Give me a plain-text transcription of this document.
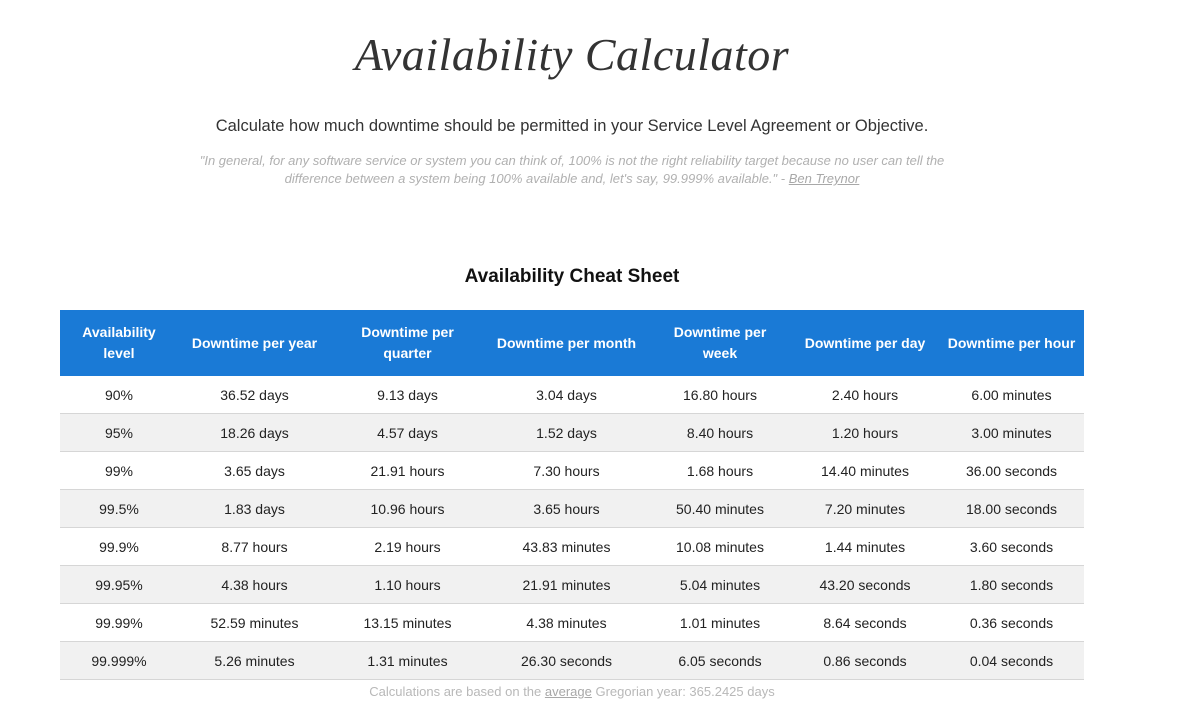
Availability Calculator

Calculate how much downtime should be permitted in your Service Level Agreement or Objective.

"In general, for any software service or system you can think of, 100% is not the right reliability target because no user can tell the difference between a system being 100% available and, let's say, 99.999% available." - Ben Treynor

Availability Cheat Sheet
Availability level	Downtime per year	Downtime per quarter	Downtime per month	Downtime per week	Downtime per day	Downtime per hour
90%	36.52 days	9.13 days	3.04 days	16.80 hours	2.40 hours	6.00 minutes
95%	18.26 days	4.57 days	1.52 days	8.40 hours	1.20 hours	3.00 minutes
99%	3.65 days	21.91 hours	7.30 hours	1.68 hours	14.40 minutes	36.00 seconds
99.5%	1.83 days	10.96 hours	3.65 hours	50.40 minutes	7.20 minutes	18.00 seconds
99.9%	8.77 hours	2.19 hours	43.83 minutes	10.08 minutes	1.44 minutes	3.60 seconds
99.95%	4.38 hours	1.10 hours	21.91 minutes	5.04 minutes	43.20 seconds	1.80 seconds
99.99%	52.59 minutes	13.15 minutes	4.38 minutes	1.01 minutes	8.64 seconds	0.36 seconds
99.999%	5.26 minutes	1.31 minutes	26.30 seconds	6.05 seconds	0.86 seconds	0.04 seconds

Calculations are based on the average Gregorian year: 365.2425 days
